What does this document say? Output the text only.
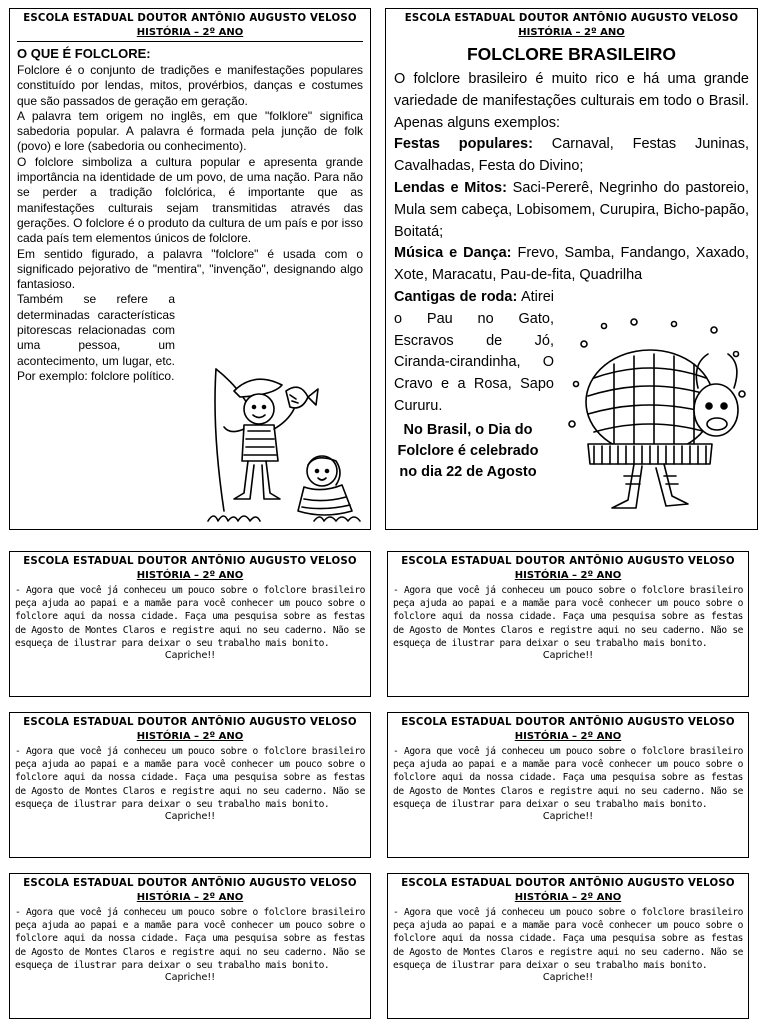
ESCOLA ESTADUAL DOUTOR ANTÔNIO AUGUSTO VELOSO
HISTÓRIA – 2º ANO
O QUE É FOLCLORE:

Folclore é o conjunto de tradições e manifestações populares constituído por lendas, mitos, provérbios, danças e costumes que são passados de geração em geração.

A palavra tem origem no inglês, em que "folklore" significa sabedoria popular. A palavra é formada pela junção de folk (povo) e lore (sabedoria ou conhecimento).

O folclore simboliza a cultura popular e apresenta grande importância na identidade de um povo, de uma nação. Para não se perder a tradição folclórica, é importante que as manifestações culturais sejam transmitidas através das gerações. O folclore é o produto da cultura de um país e por isso cada país tem elementos únicos de folclore.

Em sentido figurado, a palavra "folclore" é usada com o significado pejorativo de "mentira", "invenção", designando algo fantasioso.

Também se refere a determinadas características pitorescas relacionadas com uma pessoa, um acontecimento, um lugar, etc. Por exemplo: folclore político.

ESCOLA ESTADUAL DOUTOR ANTÔNIO AUGUSTO VELOSO
HISTÓRIA – 2º ANO
FOLCLORE BRASILEIRO

O folclore brasileiro é muito rico e há uma grande variedade de manifestações culturais em todo o Brasil. Apenas alguns exemplos:

Festas populares: Carnaval, Festas Juninas, Cavalhadas, Festa do Divino;

Lendas e Mitos: Saci-Pererê, Negrinho do pastoreio, Mula sem cabeça, Lobisomem, Curupira, Bicho-papão, Boitatá;

Música e Dança: Frevo, Samba, Fandango, Xaxado, Xote, Maracatu, Pau-de-fita, Quadrilha

Cantigas de roda: Atirei o Pau no Gato, Escravos de Jó, Ciranda-cirandinha, O Cravo e a Rosa, Sapo Cururu.

No Brasil, o Dia do Folclore é celebrado no dia 22 de Agosto
ESCOLA ESTADUAL DOUTOR ANTÔNIO AUGUSTO VELOSO
HISTÓRIA – 2º ANO
- Agora que você já conheceu um pouco sobre o folclore brasileiro peça ajuda ao papai e a mamãe para você conhecer um pouco sobre o folclore aqui da nossa cidade. Faça uma pesquisa sobre as festas de Agosto de Montes Claros e registre aqui no seu caderno. Não se esqueça de ilustrar para deixar o seu trabalho mais bonito.
Capriche!!
ESCOLA ESTADUAL DOUTOR ANTÔNIO AUGUSTO VELOSO
HISTÓRIA – 2º ANO
- Agora que você já conheceu um pouco sobre o folclore brasileiro peça ajuda ao papai e a mamãe para você conhecer um pouco sobre o folclore aqui da nossa cidade. Faça uma pesquisa sobre as festas de Agosto de Montes Claros e registre aqui no seu caderno. Não se esqueça de ilustrar para deixar o seu trabalho mais bonito.
Capriche!!
ESCOLA ESTADUAL DOUTOR ANTÔNIO AUGUSTO VELOSO
HISTÓRIA – 2º ANO
- Agora que você já conheceu um pouco sobre o folclore brasileiro peça ajuda ao papai e a mamãe para você conhecer um pouco sobre o folclore aqui da nossa cidade. Faça uma pesquisa sobre as festas de Agosto de Montes Claros e registre aqui no seu caderno. Não se esqueça de ilustrar para deixar o seu trabalho mais bonito.
Capriche!!
ESCOLA ESTADUAL DOUTOR ANTÔNIO AUGUSTO VELOSO
HISTÓRIA – 2º ANO
- Agora que você já conheceu um pouco sobre o folclore brasileiro peça ajuda ao papai e a mamãe para você conhecer um pouco sobre o folclore aqui da nossa cidade. Faça uma pesquisa sobre as festas de Agosto de Montes Claros e registre aqui no seu caderno. Não se esqueça de ilustrar para deixar o seu trabalho mais bonito.
Capriche!!
ESCOLA ESTADUAL DOUTOR ANTÔNIO AUGUSTO VELOSO
HISTÓRIA – 2º ANO
- Agora que você já conheceu um pouco sobre o folclore brasileiro peça ajuda ao papai e a mamãe para você conhecer um pouco sobre o folclore aqui da nossa cidade. Faça uma pesquisa sobre as festas de Agosto de Montes Claros e registre aqui no seu caderno. Não se esqueça de ilustrar para deixar o seu trabalho mais bonito.
Capriche!!
ESCOLA ESTADUAL DOUTOR ANTÔNIO AUGUSTO VELOSO
HISTÓRIA – 2º ANO
- Agora que você já conheceu um pouco sobre o folclore brasileiro peça ajuda ao papai e a mamãe para você conhecer um pouco sobre o folclore aqui da nossa cidade. Faça uma pesquisa sobre as festas de Agosto de Montes Claros e registre aqui no seu caderno. Não se esqueça de ilustrar para deixar o seu trabalho mais bonito.
Capriche!!
